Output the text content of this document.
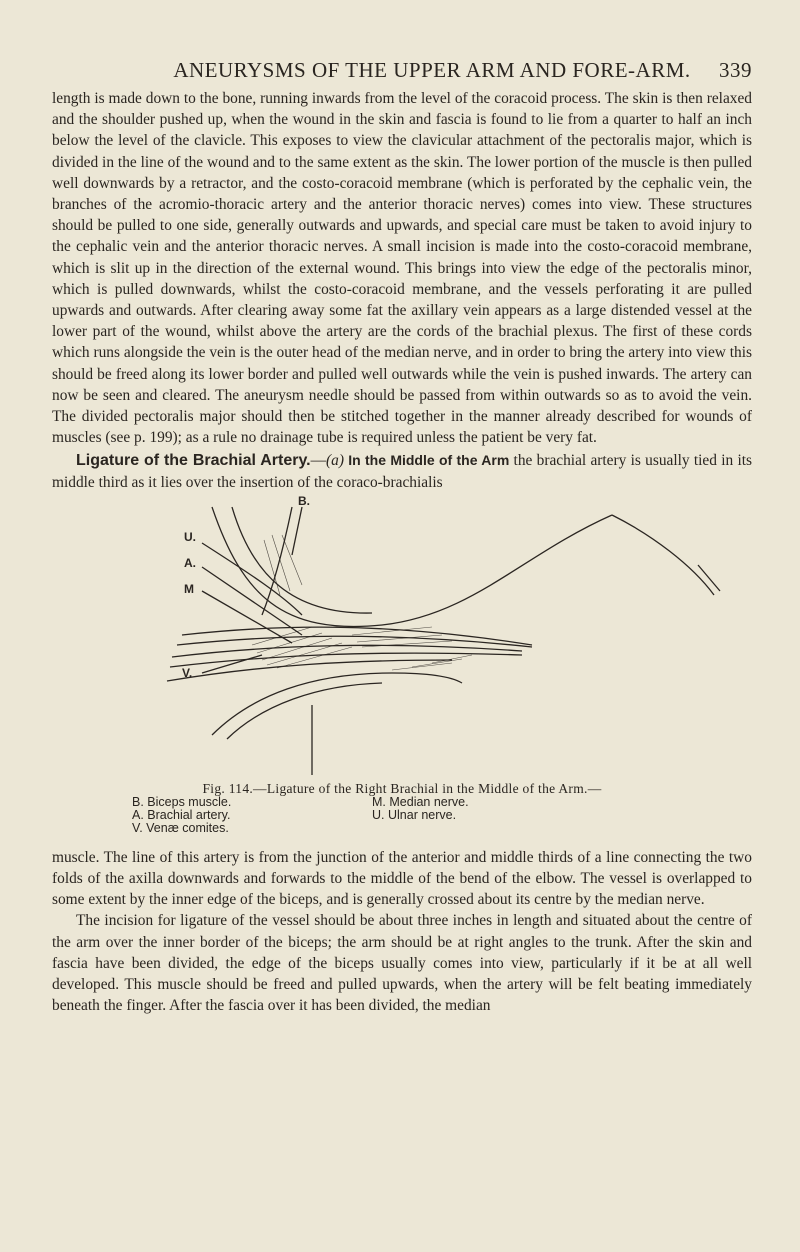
ANEURYSMS OF THE UPPER ARM AND FORE-ARM. 339

length is made down to the bone, running inwards from the level of the coracoid process. The skin is then relaxed and the shoulder pushed up, when the wound in the skin and fascia is found to lie from a quarter to half an inch below the level of the clavicle. This exposes to view the clavicular attachment of the pectoralis major, which is divided in the line of the wound and to the same extent as the skin. The lower portion of the muscle is then pulled well downwards by a retractor, and the costo-coracoid membrane (which is perforated by the cephalic vein, the branches of the acromio-thoracic artery and the anterior thoracic nerves) comes into view. These structures should be pulled to one side, generally outwards and upwards, and special care must be taken to avoid injury to the cephalic vein and the anterior thoracic nerves. A small incision is made into the costo-coracoid membrane, which is slit up in the direction of the external wound. This brings into view the edge of the pectoralis minor, which is pulled downwards, whilst the costo-coracoid membrane, and the vessels perforating it are pulled upwards and outwards. After clearing away some fat the axillary vein appears as a large distended vessel at the lower part of the wound, whilst above the artery are the cords of the brachial plexus. The first of these cords which runs alongside the vein is the outer head of the median nerve, and in order to bring the artery into view this should be freed along its lower border and pulled well outwards while the vein is pushed inwards. The artery can now be seen and cleared. The aneurysm needle should be passed from within outwards so as to avoid the vein. The divided pectoralis major should then be stitched together in the manner already described for wounds of muscles (see p. 199); as a rule no drainage tube is required unless the patient be very fat.

Ligature of the Brachial Artery.—(a) In the Middle of the Arm the brachial artery is usually tied in its middle third as it lies over the insertion of the coraco-brachialis

B.
U.
A.
M
V.
Fig. 114.—Ligature of the Right Brachial in the Middle of the Arm.—
B. Biceps muscle.
A. Brachial artery.
V. Venæ comites.
M. Median nerve.
U. Ulnar nerve.

muscle. The line of this artery is from the junction of the anterior and middle thirds of a line connecting the two folds of the axilla downwards and forwards to the middle of the bend of the elbow. The vessel is overlapped to some extent by the inner edge of the biceps, and is generally crossed about its centre by the median nerve.

The incision for ligature of the vessel should be about three inches in length and situated about the centre of the arm over the inner border of the biceps; the arm should be at right angles to the trunk. After the skin and fascia have been divided, the edge of the biceps usually comes into view, particularly if it be at all well developed. This muscle should be freed and pulled upwards, when the artery will be felt beating immediately beneath the finger. After the fascia over it has been divided, the median
